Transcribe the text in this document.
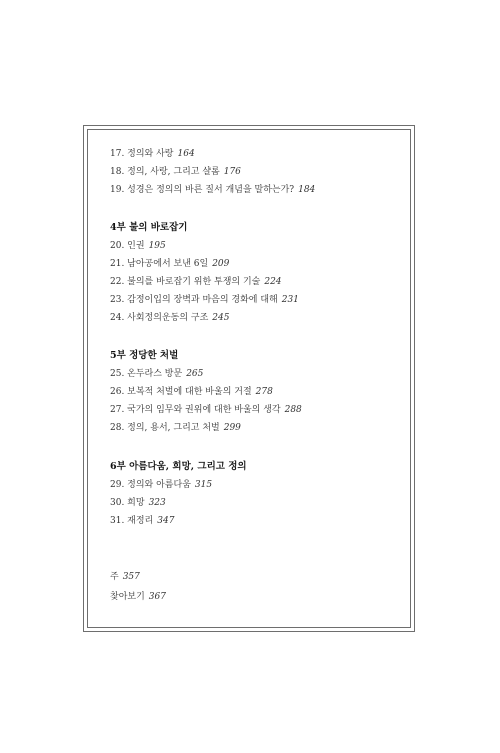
17. 정의와 사랑 164
18. 정의, 사랑, 그리고 샬롬 176
19. 성경은 정의의 바른 질서 개념을 말하는가? 184
4부 불의 바로잡기
20. 인권 195
21. 남아공에서 보낸 6일 209
22. 불의를 바로잡기 위한 투쟁의 기술 224
23. 감정이입의 장벽과 마음의 경화에 대해 231
24. 사회정의운동의 구조 245
5부 정당한 처벌
25. 온두라스 방문 265
26. 보복적 처벌에 대한 바울의 거절 278
27. 국가의 임무와 권위에 대한 바울의 생각 288
28. 정의, 용서, 그리고 처벌 299
6부 아름다움, 희망, 그리고 정의
29. 정의와 아름다움 315
30. 희망 323
31. 재정리 347
주 357
찾아보기 367
